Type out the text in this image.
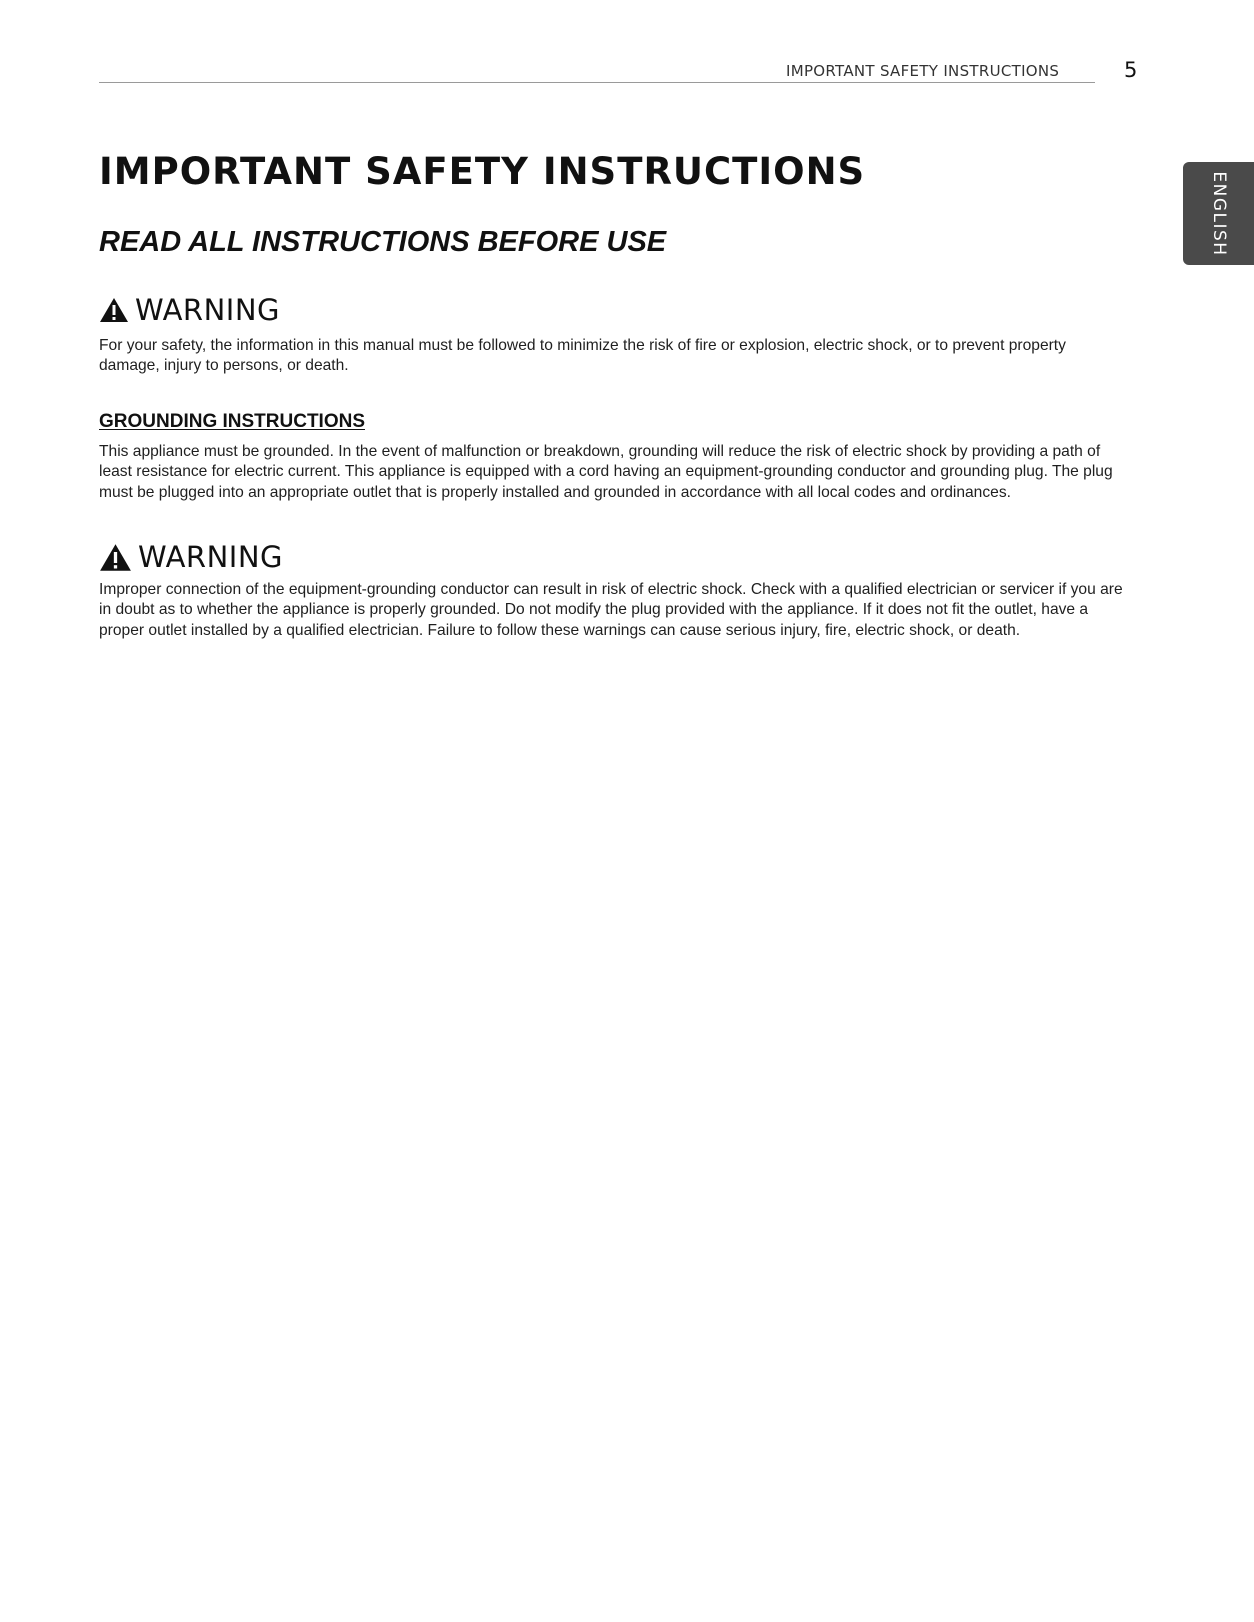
IMPORTANT SAFETY INSTRUCTIONS	5
ENGLISH
IMPORTANT SAFETY INSTRUCTIONS
READ ALL INSTRUCTIONS BEFORE USE
WARNING

For your safety, the information in this manual must be followed to minimize the risk of fire or explosion, electric shock, or to prevent property damage, injury to persons, or death.

GROUNDING INSTRUCTIONS

This appliance must be grounded. In the event of malfunction or breakdown, grounding will reduce the risk of electric shock by providing a path of least resistance for electric current. This appliance is equipped with a cord having an equipment-grounding conductor and grounding plug. The plug must be plugged into an appropriate outlet that is properly installed and grounded in accordance with all local codes and ordinances.

WARNING

Improper connection of the equipment-grounding conductor can result in risk of electric shock. Check with a qualified electrician or servicer if you are in doubt as to whether the appliance is properly grounded. Do not modify the plug provided with the appliance. If it does not fit the outlet, have a proper outlet installed by a qualified electrician. Failure to follow these warnings can cause serious injury, fire, electric shock, or death.
